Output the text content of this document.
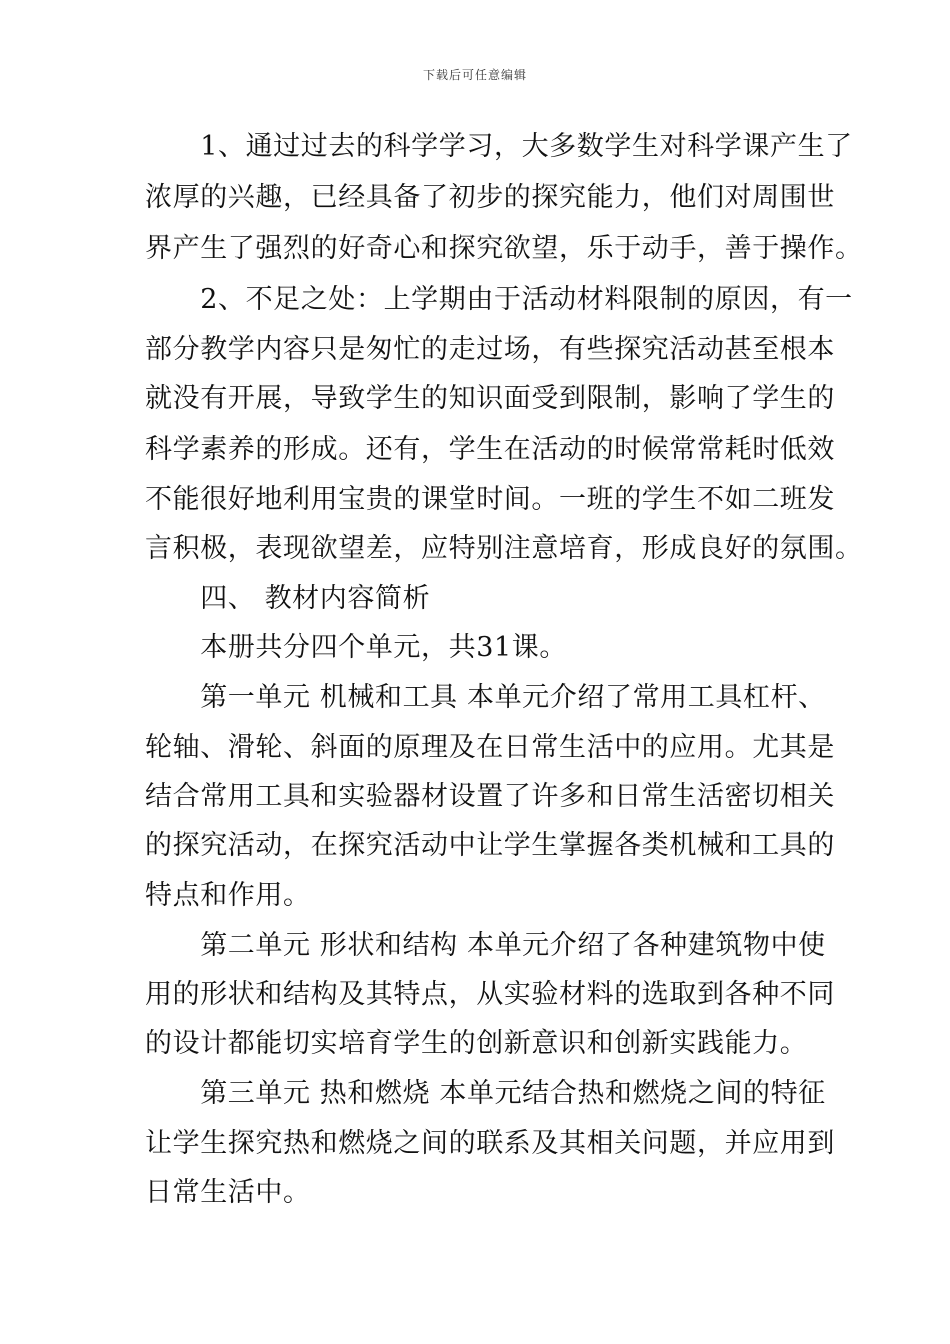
下载后可任意编辑
　　1、通过过去的科学学习，大多数学生对科学课产生了
浓厚的兴趣，已经具备了初步的探究能力，他们对周围世
界产生了强烈的好奇心和探究欲望，乐于动手，善于操作。
　　2、不足之处：上学期由于活动材料限制的原因，有一
部分教学内容只是匆忙的走过场，有些探究活动甚至根本
就没有开展，导致学生的知识面受到限制，影响了学生的
科学素养的形成。还有，学生在活动的时候常常耗时低效
不能很好地利用宝贵的课堂时间。一班的学生不如二班发
言积极，表现欲望差，应特别注意培育，形成良好的氛围。
　　四、 教材内容简析
　　本册共分四个单元，共31课。
　　第一单元 机械和工具 本单元介绍了常用工具杠杆、
轮轴、滑轮、斜面的原理及在日常生活中的应用。尤其是
结合常用工具和实验器材设置了许多和日常生活密切相关
的探究活动，在探究活动中让学生掌握各类机械和工具的
特点和作用。
　　第二单元 形状和结构 本单元介绍了各种建筑物中使
用的形状和结构及其特点，从实验材料的选取到各种不同
的设计都能切实培育学生的创新意识和创新实践能力。
　　第三单元 热和燃烧 本单元结合热和燃烧之间的特征
让学生探究热和燃烧之间的联系及其相关问题，并应用到
日常生活中。
